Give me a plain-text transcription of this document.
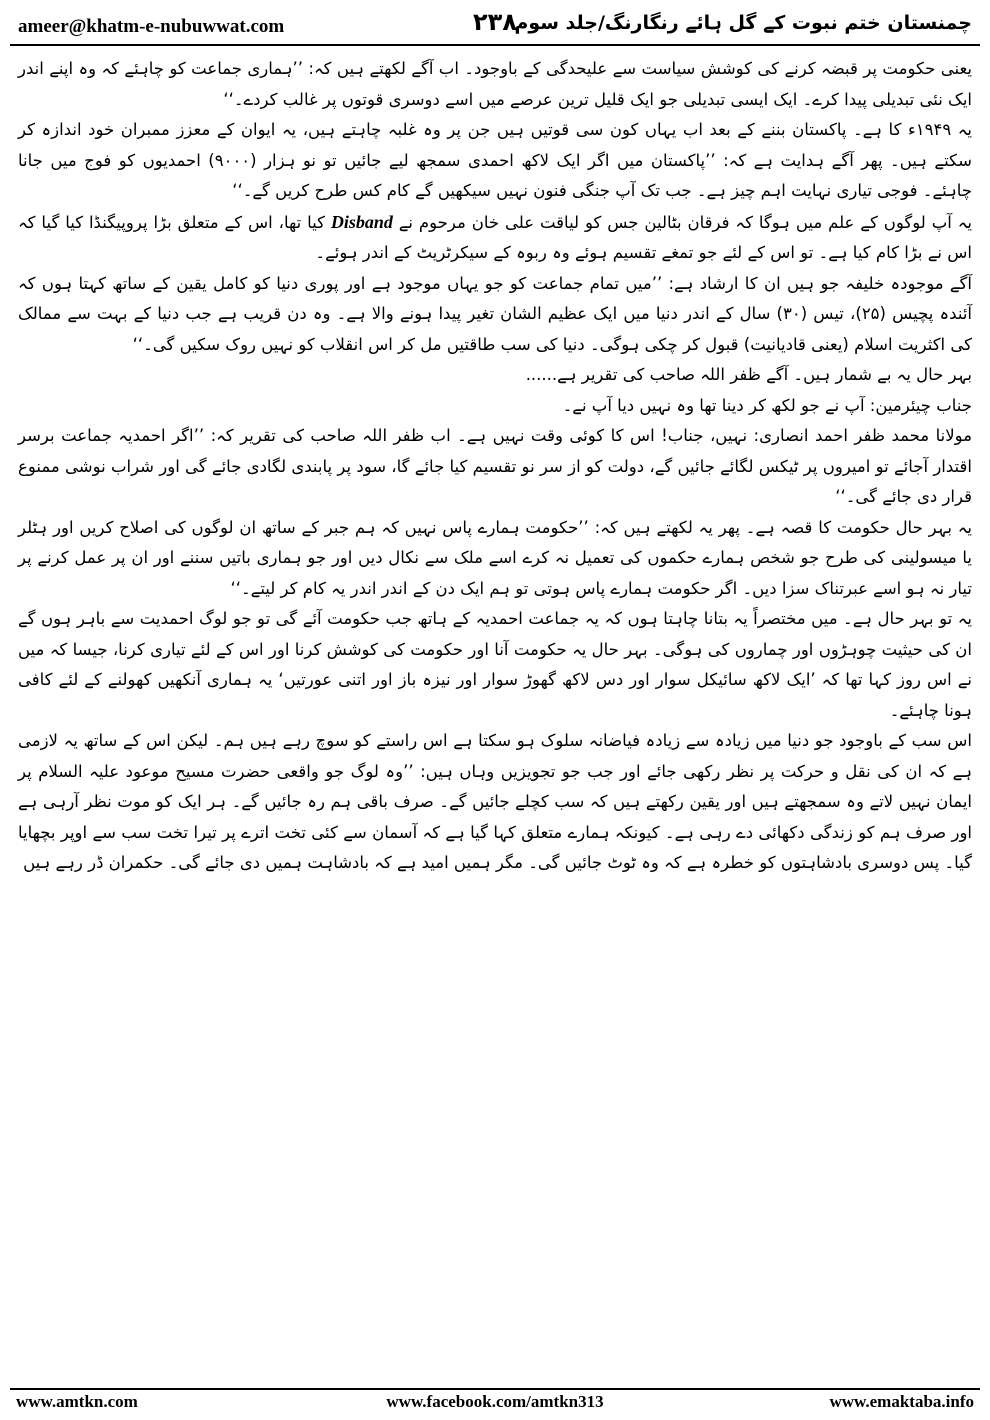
ameer@khatm-e-nubuwwat.com	۲۳۸
چمنستان ختم نبوت کے گل ہائے رنگارنگ/جلد سوم

یعنی حکومت پر قبضہ کرنے کی کوشش سیاست سے علیحدگی کے باوجود۔ اب آگے لکھتے ہیں کہ: ’’ہماری جماعت کو چاہئے کہ وہ اپنے اندر ایک نئی تبدیلی پیدا کرے۔ ایک ایسی تبدیلی جو ایک قلیل ترین عرصے میں اسے دوسری قوتوں پر غالب کردے۔‘‘

یہ ۱۹۴۹ء کا ہے۔ پاکستان بننے کے بعد اب یہاں کون سی قوتیں ہیں جن پر وہ غلبہ چاہتے ہیں، یہ ایوان کے معزز ممبران خود اندازہ کر سکتے ہیں۔ پھر آگے ہدایت ہے کہ: ’’پاکستان میں اگر ایک لاکھ احمدی سمجھ لیے جائیں تو نو ہزار (۹۰۰۰) احمدیوں کو فوج میں جانا چاہئے۔ فوجی تیاری نہایت اہم چیز ہے۔ جب تک آپ جنگی فنون نہیں سیکھیں گے کام کس طرح کریں گے۔‘‘

یہ آپ لوگوں کے علم میں ہوگا کہ فرقان بٹالین جس کو لیاقت علی خان مرحوم نے Disband کیا تھا، اس کے متعلق بڑا پروپیگنڈا کیا گیا کہ اس نے بڑا کام کیا ہے۔ تو اس کے لئے جو تمغے تقسیم ہوئے وہ ربوہ کے سیکرٹریٹ کے اندر ہوئے۔

آگے موجودہ خلیفہ جو ہیں ان کا ارشاد ہے: ’’میں تمام جماعت کو جو یہاں موجود ہے اور پوری دنیا کو کامل یقین کے ساتھ کہتا ہوں کہ آئندہ پچیس (۲۵)، تیس (۳۰) سال کے اندر دنیا میں ایک عظیم الشان تغیر پیدا ہونے والا ہے۔ وہ دن قریب ہے جب دنیا کے بہت سے ممالک کی اکثریت اسلام (یعنی قادیانیت) قبول کر چکی ہوگی۔ دنیا کی سب طاقتیں مل کر اس انقلاب کو نہیں روک سکیں گی۔‘‘

بہر حال یہ بے شمار ہیں۔ آگے ظفر اللہ صاحب کی تقریر ہے......

جناب چیئرمین: آپ نے جو لکھ کر دینا تھا وہ نہیں دیا آپ نے۔

مولانا محمد ظفر احمد انصاری: نہیں، جناب! اس کا کوئی وقت نہیں ہے۔ اب ظفر اللہ صاحب کی تقریر کہ: ’’اگر احمدیہ جماعت برسر اقتدار آجائے تو امیروں پر ٹیکس لگائے جائیں گے، دولت کو از سر نو تقسیم کیا جائے گا، سود پر پابندی لگادی جائے گی اور شراب نوشی ممنوع قرار دی جائے گی۔‘‘

یہ بہر حال حکومت کا قصہ ہے۔ پھر یہ لکھتے ہیں کہ: ’’حکومت ہمارے پاس نہیں کہ ہم جبر کے ساتھ ان لوگوں کی اصلاح کریں اور ہٹلر یا میسولینی کی طرح جو شخص ہمارے حکموں کی تعمیل نہ کرے اسے ملک سے نکال دیں اور جو ہماری باتیں سننے اور ان پر عمل کرنے پر تیار نہ ہو اسے عبرتناک سزا دیں۔ اگر حکومت ہمارے پاس ہوتی تو ہم ایک دن کے اندر اندر یہ کام کر لیتے۔‘‘

یہ تو بہر حال ہے۔ میں مختصراً یہ بتانا چاہتا ہوں کہ یہ جماعت احمدیہ کے ہاتھ جب حکومت آئے گی تو جو لوگ احمدیت سے باہر ہوں گے ان کی حیثیت چوہڑوں اور چماروں کی ہوگی۔ بہر حال یہ حکومت آنا اور حکومت کی کوشش کرنا اور اس کے لئے تیاری کرنا، جیسا کہ میں نے اس روز کہا تھا کہ ’ایک لاکھ سائیکل سوار اور دس لاکھ گھوڑ سوار اور نیزہ باز اور اتنی عورتیں‘ یہ ہماری آنکھیں کھولنے کے لئے کافی ہونا چاہئے۔

اس سب کے باوجود جو دنیا میں زیادہ سے زیادہ فیاضانہ سلوک ہو سکتا ہے اس راستے کو سوچ رہے ہیں ہم۔ لیکن اس کے ساتھ یہ لازمی ہے کہ ان کی نقل و حرکت پر نظر رکھی جائے اور جب جو تجویزیں وہاں ہیں: ’’وہ لوگ جو واقعی حضرت مسیح موعود علیہ السلام پر ایمان نہیں لاتے وہ سمجھتے ہیں اور یقین رکھتے ہیں کہ سب کچلے جائیں گے۔ صرف باقی ہم رہ جائیں گے۔ ہر ایک کو موت نظر آرہی ہے اور صرف ہم کو زندگی دکھائی دے رہی ہے۔ کیونکہ ہمارے متعلق کہا گیا ہے کہ آسمان سے کئی تخت اترے پر تیرا تخت سب سے اوپر بچھایا گیا۔ پس دوسری بادشاہتوں کو خطرہ ہے کہ وہ ٹوٹ جائیں گی۔ مگر ہمیں امید ہے کہ بادشاہت ہمیں دی جائے گی۔ حکمران ڈر رہے ہیں

www.amtkn.com	www.facebook.com/amtkn313	www.emaktaba.info
